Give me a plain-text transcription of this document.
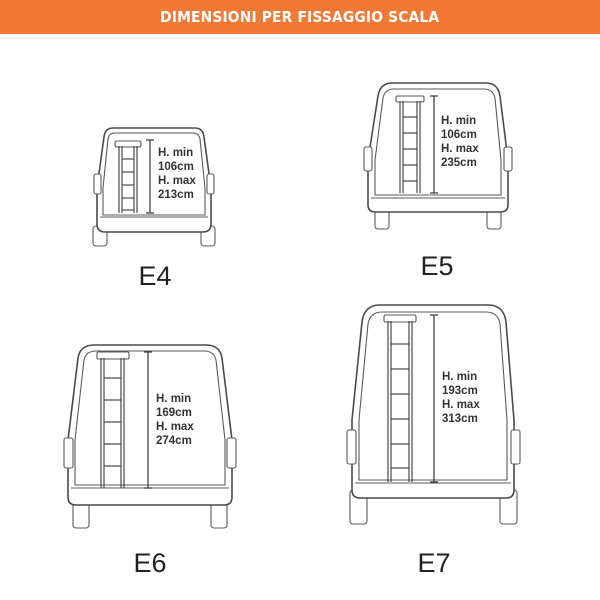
DIMENSIONI PER FISSAGGIO SCALA
H. min
106cm
H. max
213cm
E4
H. min
106cm
H. max
235cm
E5
H. min
169cm
H. max
274cm
E6
H. min
193cm
H. max
313cm
E7
